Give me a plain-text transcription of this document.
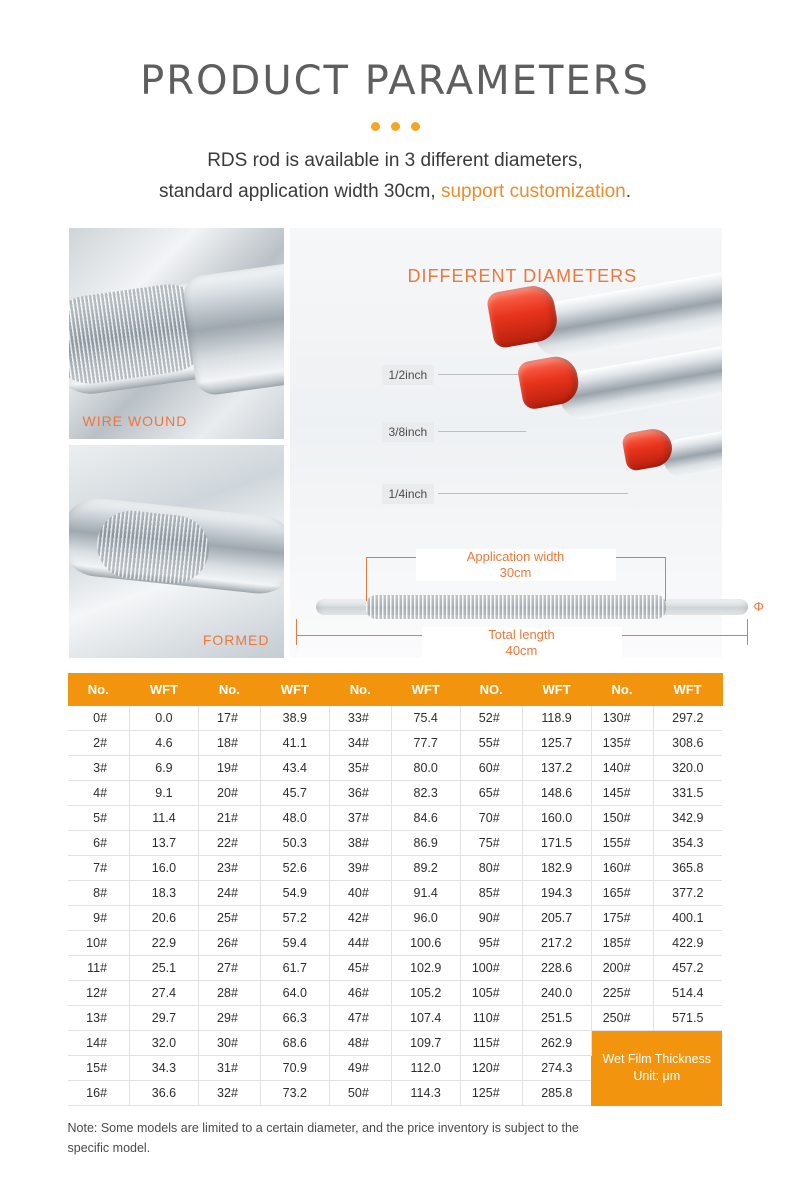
PRODUCT PARAMETERS
RDS rod is available in 3 different diameters,
standard application width 30cm, support customization.
WIRE WOUND
FORMED
DIFFERENT DIAMETERS
1/2inch
3/8inch
1/4inch
Application width
30cm
Total length
40cm
Φ
No.	WFT	No.	WFT	No.	WFT	NO.	WFT	No.	WFT
0#	0.0	17#	38.9	33#	75.4	52#	118.9	130#	297.2
2#	4.6	18#	41.1	34#	77.7	55#	125.7	135#	308.6
3#	6.9	19#	43.4	35#	80.0	60#	137.2	140#	320.0
4#	9.1	20#	45.7	36#	82.3	65#	148.6	145#	331.5
5#	11.4	21#	48.0	37#	84.6	70#	160.0	150#	342.9
6#	13.7	22#	50.3	38#	86.9	75#	171.5	155#	354.3
7#	16.0	23#	52.6	39#	89.2	80#	182.9	160#	365.8
8#	18.3	24#	54.9	40#	91.4	85#	194.3	165#	377.2
9#	20.6	25#	57.2	42#	96.0	90#	205.7	175#	400.1
10#	22.9	26#	59.4	44#	100.6	95#	217.2	185#	422.9
11#	25.1	27#	61.7	45#	102.9	100#	228.6	200#	457.2
12#	27.4	28#	64.0	46#	105.2	105#	240.0	225#	514.4
13#	29.7	29#	66.3	47#	107.4	110#	251.5	250#	571.5
14#	32.0	30#	68.6	48#	109.7	115#	262.9	Wet Film Thickness
Unit: μm	

15#	34.3	31#	70.9	49#	112.0	120#	274.3		
16#	36.6	32#	73.2	50#	114.3	125#	285.8		
Note: Some models are limited to a certain diameter, and the price inventory is subject to the
specific model.
